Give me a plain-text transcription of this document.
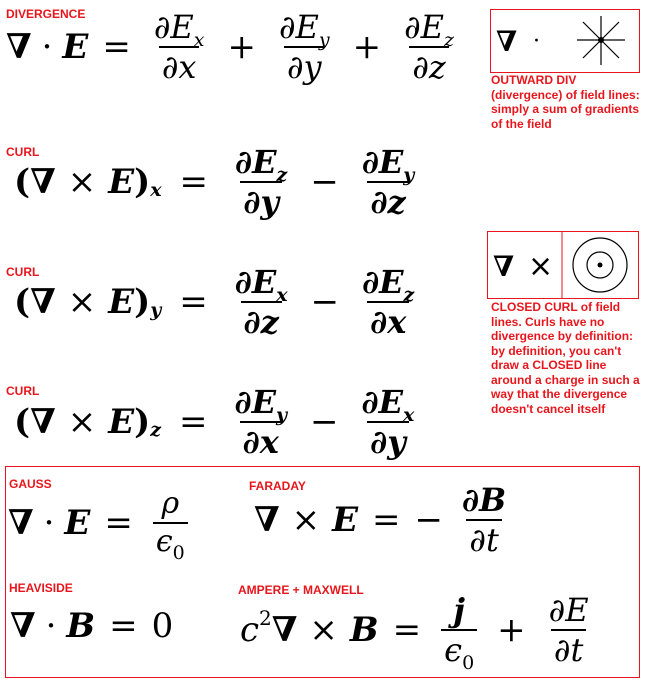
DIVERGENCE
∇ · $E = \frac{\partial E_x}{\partial x} + \frac{\partial E_y}{\partial y} + \frac{\partial E_z}{\partial z}$ ∇ ·
OUTWARD DIV (divergence) of field lines: simply a sum of gradients of the field
CURL
(∇ × E ) $x = \frac{\partial E_z}{\partial y} - \frac{\partial E_y}{\partial z}$
CURL
(∇ × E ) $y = \frac{\partial E_x}{\partial z} - \frac{\partial E_z}{\partial x}$	∇ ×
CLOSED CURL of field lines. Curls have no divergence by definition: by definition, you can't draw a CLOSED line around a charge in such a way that the divergence doesn't cancel itself
CURL
(∇ × E ) $z = \frac{\partial E_y}{\partial x} - \frac{\partial E_x}{\partial y}$
GAUSS
∇ · $E = \frac{\rho}{\epsilon_0}$
FARADAY
∇ × E = − $\frac{\partial B}{\partial t}$
HEAVISIDE
∇ · B = 0
AMPERE + MAXWELL
c 2 ∇ × $B = \frac{j}{\epsilon_0} + \frac{\partial E}{\partial t}$
